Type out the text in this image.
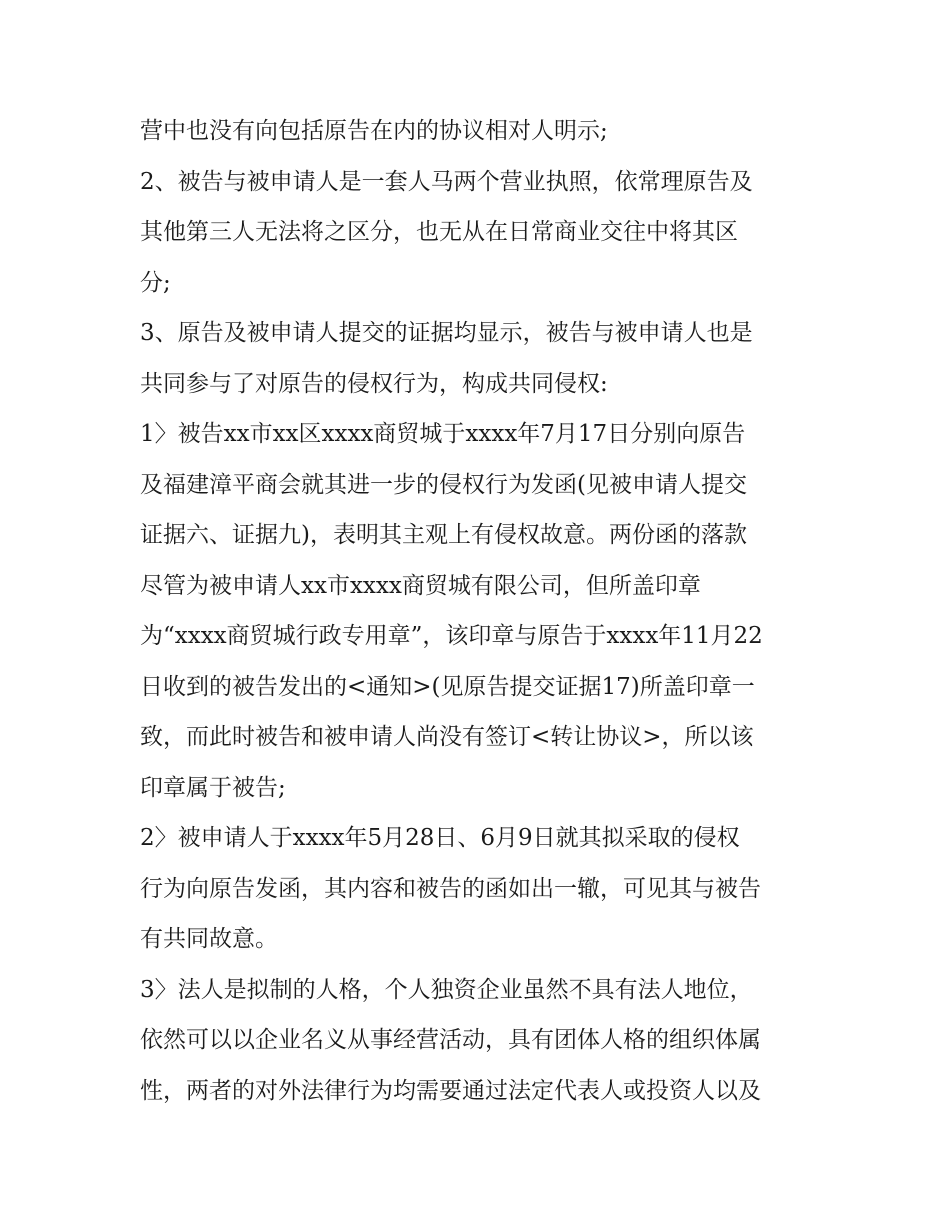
营中也没有向包括原告在内的协议相对人明示;
2、被告与被申请人是一套人马两个营业执照，依常理原告及
其他第三人无法将之区分，也无从在日常商业交往中将其区
分;
3、原告及被申请人提交的证据均显示，被告与被申请人也是
共同参与了对原告的侵权行为，构成共同侵权:
1〉被告xx市xx区xxxx商贸城于xxxx年7月17日分别向原告
及福建漳平商会就其进一步的侵权行为发函(见被申请人提交
证据六、证据九)，表明其主观上有侵权故意。两份函的落款
尽管为被申请人xx市xxxx商贸城有限公司，但所盖印章
为“xxxx商贸城行政专用章”，该印章与原告于xxxx年11月22
日收到的被告发出的<通知>(见原告提交证据17)所盖印章一
致，而此时被告和被申请人尚没有签订<转让协议>，所以该
印章属于被告;
2〉被申请人于xxxx年5月28日、6月9日就其拟采取的侵权
行为向原告发函，其内容和被告的函如出一辙，可见其与被告
有共同故意。
3〉法人是拟制的人格，个人独资企业虽然不具有法人地位，
依然可以以企业名义从事经营活动，具有团体人格的组织体属
性，两者的对外法律行为均需要通过法定代表人或投资人以及
